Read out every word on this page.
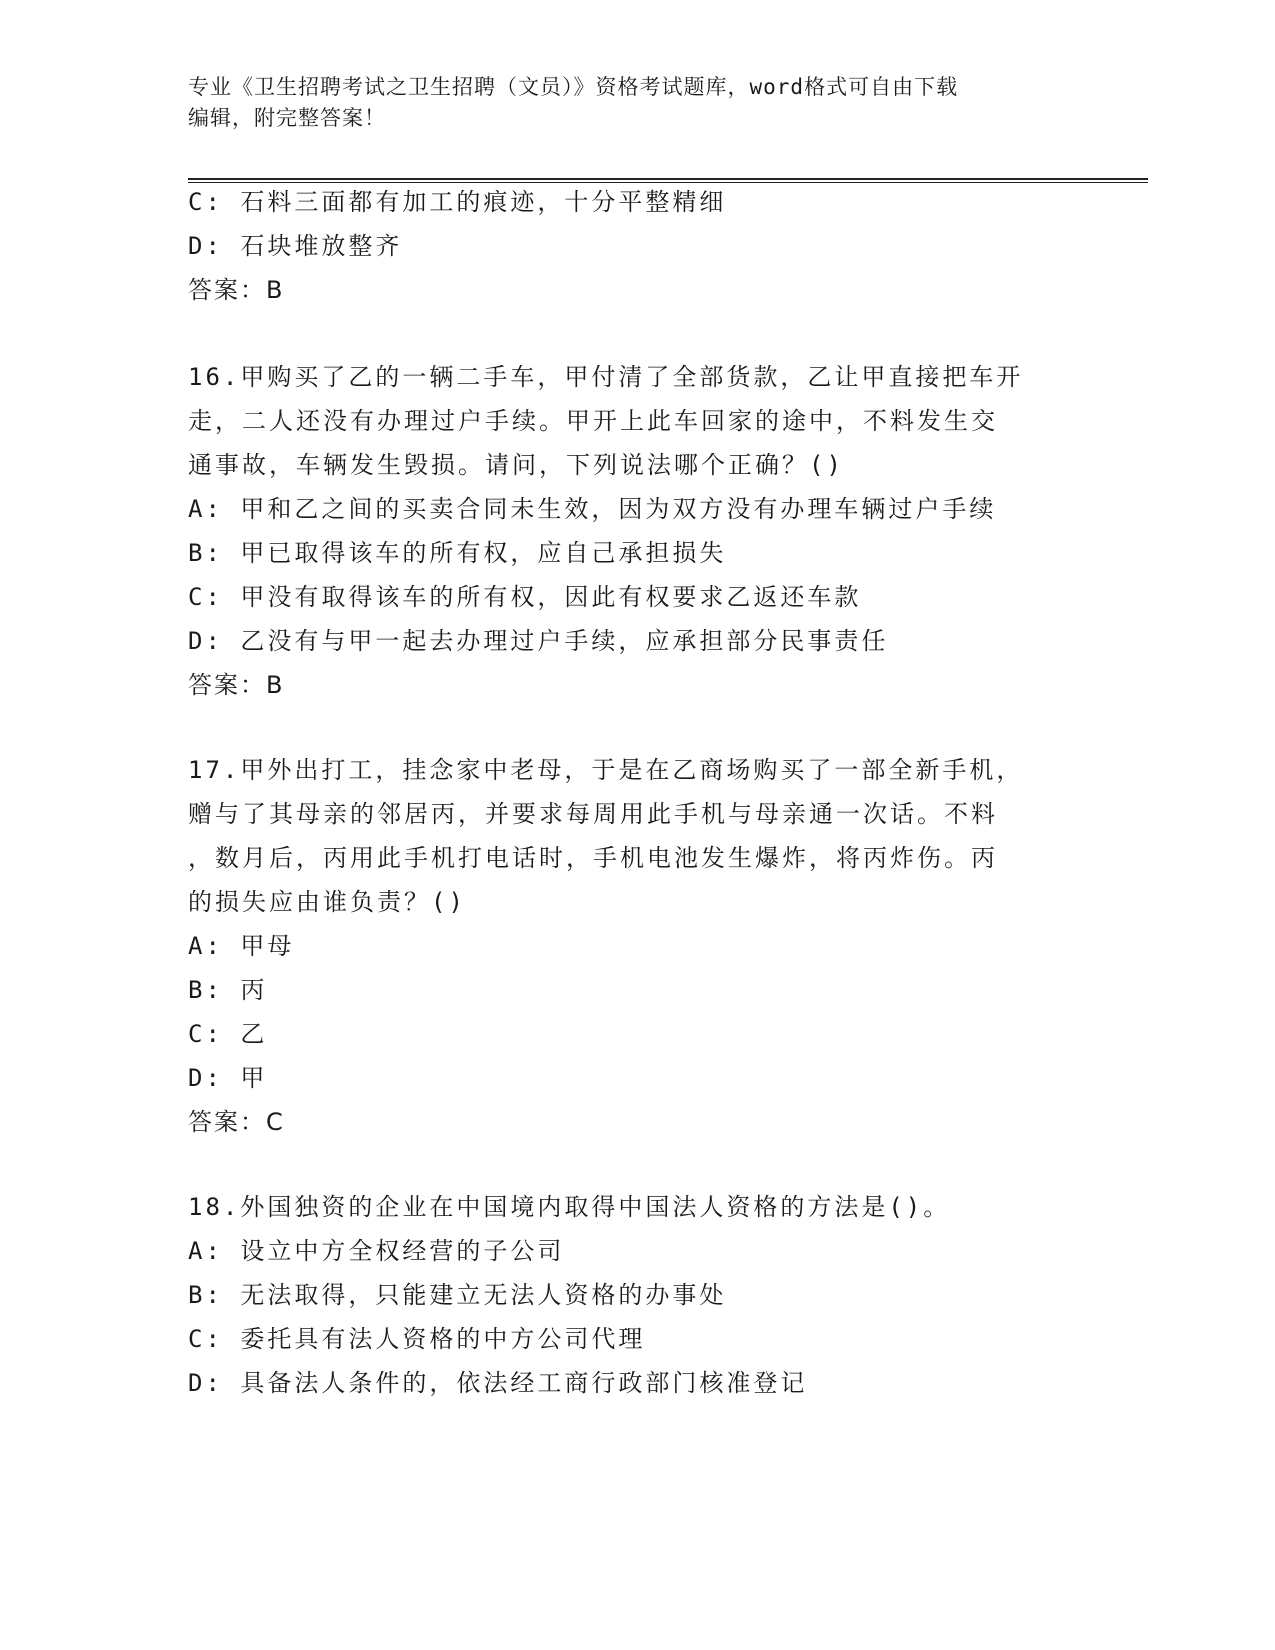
专业《卫生招聘考试之卫生招聘（文员）》资格考试题库，word格式可自由下载
编辑，附完整答案！
C: 石料三面都有加工的痕迹，十分平整精细
D: 石块堆放整齐
答案：B
16.甲购买了乙的一辆二手车，甲付清了全部货款，乙让甲直接把车开
走，二人还没有办理过户手续。甲开上此车回家的途中，不料发生交
通事故，车辆发生毁损。请问，下列说法哪个正确？()
A: 甲和乙之间的买卖合同未生效，因为双方没有办理车辆过户手续
B: 甲已取得该车的所有权，应自己承担损失
C: 甲没有取得该车的所有权，因此有权要求乙返还车款
D: 乙没有与甲一起去办理过户手续，应承担部分民事责任
答案：B
17.甲外出打工，挂念家中老母，于是在乙商场购买了一部全新手机，
赠与了其母亲的邻居丙，并要求每周用此手机与母亲通一次话。不料
，数月后，丙用此手机打电话时，手机电池发生爆炸，将丙炸伤。丙
的损失应由谁负责？()
A: 甲母
B: 丙
C: 乙
D: 甲
答案：C
18.外国独资的企业在中国境内取得中国法人资格的方法是()。
A: 设立中方全权经营的子公司
B: 无法取得，只能建立无法人资格的办事处
C: 委托具有法人资格的中方公司代理
D: 具备法人条件的，依法经工商行政部门核准登记
